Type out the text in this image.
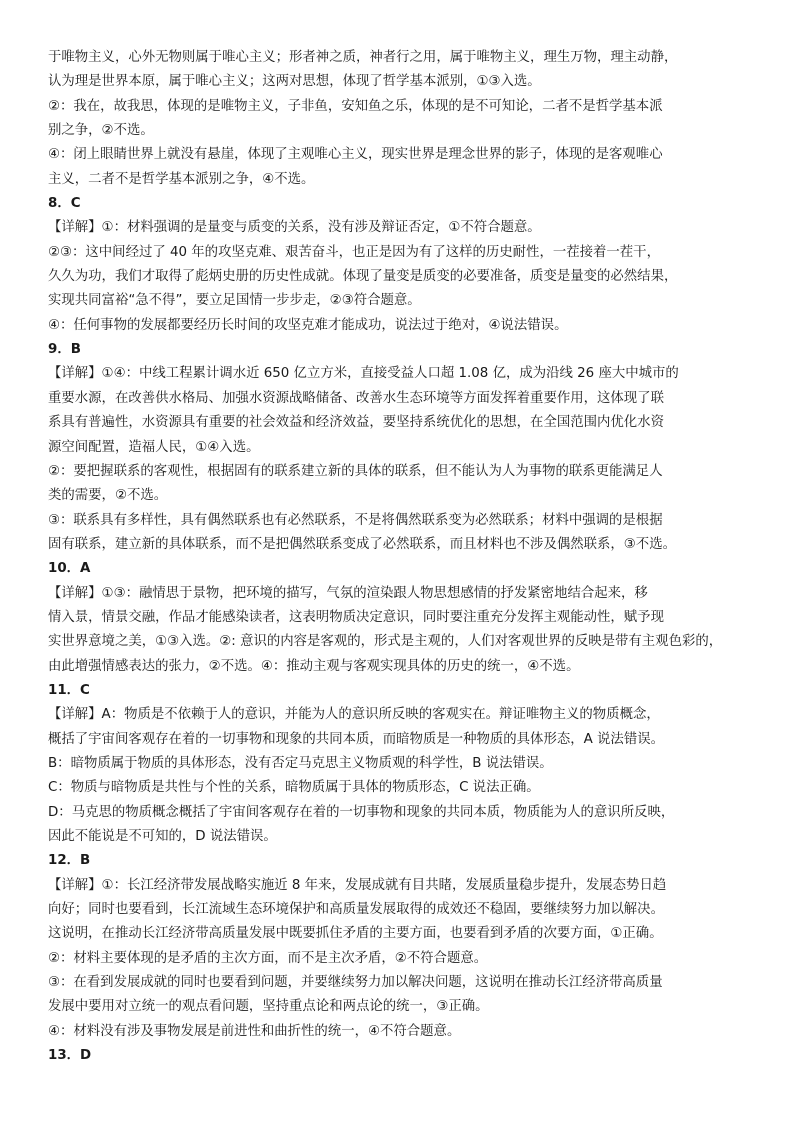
于唯物主义，心外无物则属于唯心主义；形者神之质，神者行之用，属于唯物主义，理生万物，理主动静，
认为理是世界本原，属于唯心主义；这两对思想，体现了哲学基本派别，①③入选。
②：我在，故我思，体现的是唯物主义，子非鱼，安知鱼之乐，体现的是不可知论，二者不是哲学基本派
别之争，②不选。
④：闭上眼睛世界上就没有悬崖，体现了主观唯心主义，现实世界是理念世界的影子，体现的是客观唯心
主义，二者不是哲学基本派别之争，④不选。
8．C
【详解】①：材料强调的是量变与质变的关系，没有涉及辩证否定，①不符合题意。
②③：这中间经过了 40 年的攻坚克难、艰苦奋斗，也正是因为有了这样的历史耐性，一茬接着一茬干，
久久为功，我们才取得了彪炳史册的历史性成就。体现了量变是质变的必要准备，质变是量变的必然结果，
实现共同富裕“急不得”，要立足国情一步步走，②③符合题意。
④：任何事物的发展都要经历长时间的攻坚克难才能成功，说法过于绝对，④说法错误。
9．B
【详解】①④：中线工程累计调水近 650 亿立方米，直接受益人口超 1.08 亿，成为沿线 26 座大中城市的
重要水源，在改善供水格局、加强水资源战略储备、改善水生态环境等方面发挥着重要作用，这体现了联
系具有普遍性，水资源具有重要的社会效益和经济效益，要坚持系统优化的思想，在全国范围内优化水资
源空间配置，造福人民，①④入选。
②：要把握联系的客观性，根据固有的联系建立新的具体的联系，但不能认为人为事物的联系更能满足人
类的需要，②不选。
③：联系具有多样性，具有偶然联系也有必然联系，不是将偶然联系变为必然联系；材料中强调的是根据
固有联系，建立新的具体联系，而不是把偶然联系变成了必然联系，而且材料也不涉及偶然联系，③不选。
10．A
【详解】①③：融情思于景物，把环境的描写，气氛的渲染跟人物思想感情的抒发紧密地结合起来，移
情入景，情景交融，作品才能感染读者，这表明物质决定意识，同时要注重充分发挥主观能动性，赋予现
实世界意境之美，①③入选。②: 意识的内容是客观的，形式是主观的，人们对客观世界的反映是带有主观色彩的，
由此增强情感表达的张力，②不选。④：推动主观与客观实现具体的历史的统一，④不选。
11．C
【详解】A：物质是不依赖于人的意识，并能为人的意识所反映的客观实在。辩证唯物主义的物质概念，
概括了宇宙间客观存在着的一切事物和现象的共同本质，而暗物质是一种物质的具体形态，A 说法错误。
B：暗物质属于物质的具体形态，没有否定马克思主义物质观的科学性，B 说法错误。
C：物质与暗物质是共性与个性的关系，暗物质属于具体的物质形态，C 说法正确。
D：马克思的物质概念概括了宇宙间客观存在着的一切事物和现象的共同本质，物质能为人的意识所反映，
因此不能说是不可知的，D 说法错误。
12．B
【详解】①：长江经济带发展战略实施近 8 年来，发展成就有目共睹，发展质量稳步提升，发展态势日趋
向好；同时也要看到，长江流域生态环境保护和高质量发展取得的成效还不稳固，要继续努力加以解决。
这说明，在推动长江经济带高质量发展中既要抓住矛盾的主要方面，也要看到矛盾的次要方面，①正确。
②：材料主要体现的是矛盾的主次方面，而不是主次矛盾，②不符合题意。
③：在看到发展成就的同时也要看到问题，并要继续努力加以解决问题，这说明在推动长江经济带高质量
发展中要用对立统一的观点看问题，坚持重点论和两点论的统一，③正确。
④：材料没有涉及事物发展是前进性和曲折性的统一，④不符合题意。
13．D
